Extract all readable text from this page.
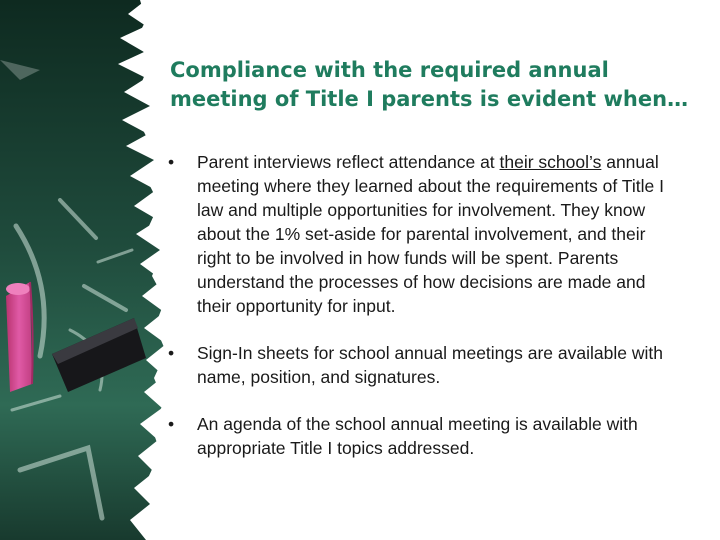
Compliance with the required annual meeting of Title I parents is evident when…
• Parent interviews reflect attendance at their school’s annual meeting where they learned about the requirements of Title I law and multiple opportunities for involvement. They know about the 1% set-aside for parental involvement, and their right to be involved in how funds will be spent. Parents understand the processes of how decisions are made and their opportunity for input.
• Sign-In sheets for school annual meetings are available with name, position, and signatures.
• An agenda of the school annual meeting is available with appropriate Title I topics addressed.
